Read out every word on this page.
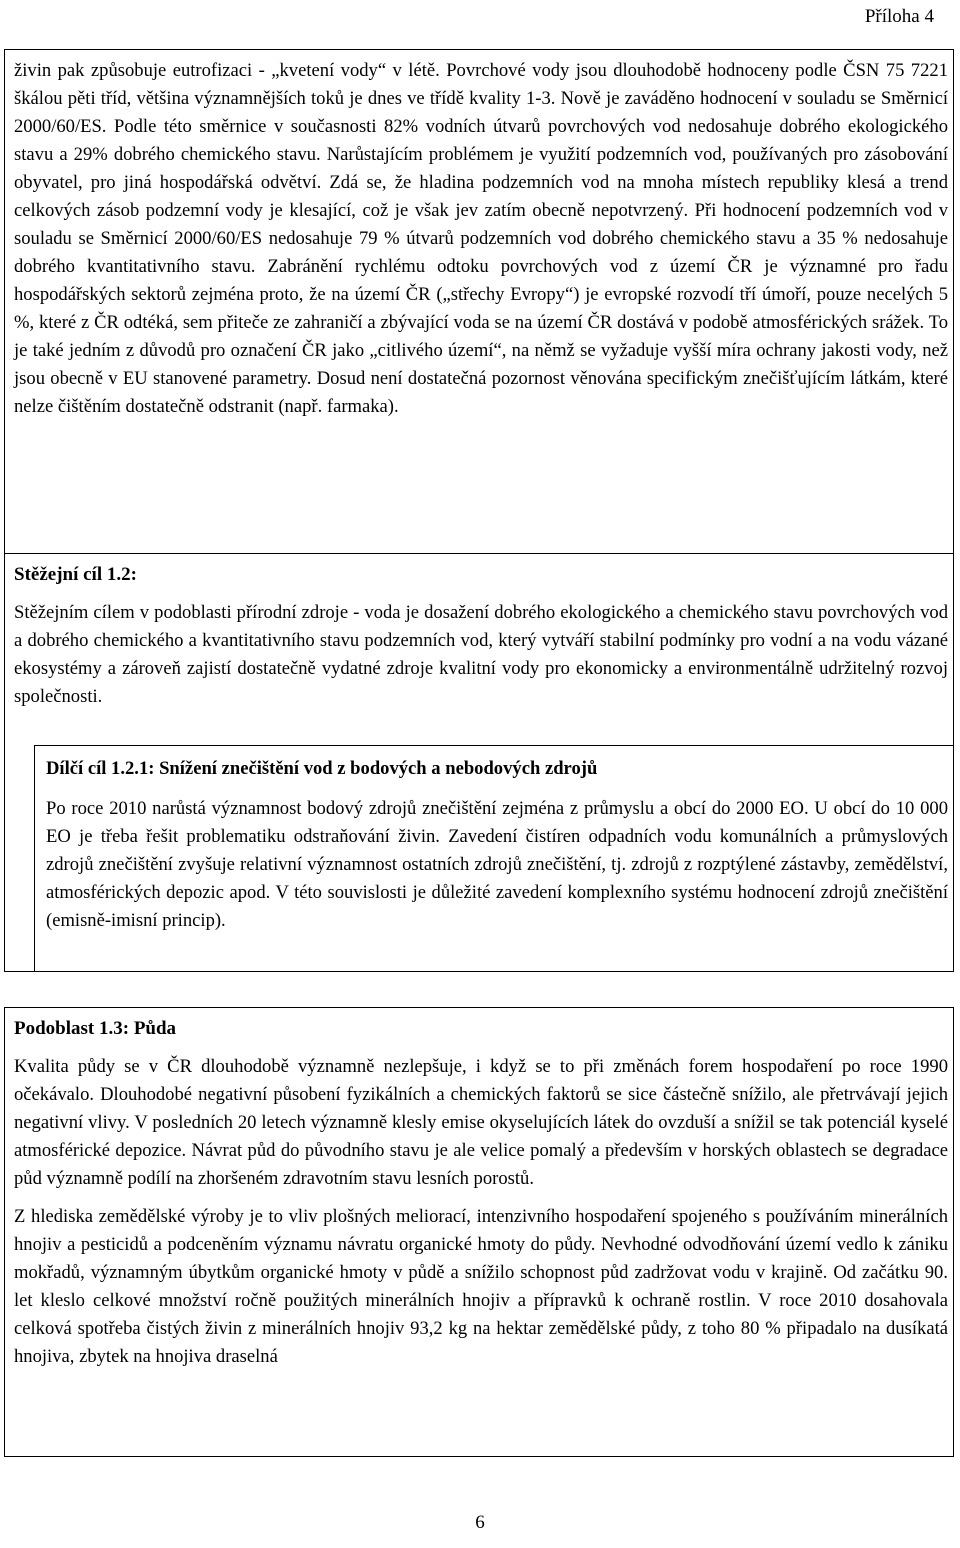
Příloha 4

živin pak způsobuje eutrofizaci - „kvetení vody“ v létě. Povrchové vody jsou dlouhodobě hodnoceny podle ČSN 75 7221 škálou pěti tříd, většina významnějších toků je dnes ve třídě kvality 1-3. Nově je zaváděno hodnocení v souladu se Směrnicí 2000/60/ES. Podle této směrnice v současnosti 82% vodních útvarů povrchových vod nedosahuje dobrého ekologického stavu a 29% dobrého chemického stavu. Narůstajícím problémem je využití podzemních vod, používaných pro zásobování obyvatel, pro jiná hospodářská odvětví. Zdá se, že hladina podzemních vod na mnoha místech republiky klesá a trend celkových zásob podzemní vody je klesající, což je však jev zatím obecně nepotvrzený. Při hodnocení podzemních vod v souladu se Směrnicí 2000/60/ES nedosahuje 79 % útvarů podzemních vod dobrého chemického stavu a 35 % nedosahuje dobrého kvantitativního stavu. Zabránění rychlému odtoku povrchových vod z území ČR je významné pro řadu hospodářských sektorů zejména proto, že na území ČR („střechy Evropy“) je evropské rozvodí tří úmoří, pouze necelých 5 %, které z ČR odtéká, sem přiteče ze zahraničí a zbývající voda se na území ČR dostává v podobě atmosférických srážek. To je také jedním z důvodů pro označení ČR jako „citlivého území“, na němž se vyžaduje vyšší míra ochrany jakosti vody, než jsou obecně v EU stanovené parametry. Dosud není dostatečná pozornost věnována specifickým znečišťujícím látkám, které nelze čištěním dostatečně odstranit (např. farmaka).

Stěžejní cíl 1.2:

Stěžejním cílem v podoblasti přírodní zdroje - voda je dosažení dobrého ekologického a chemického stavu povrchových vod a dobrého chemického a kvantitativního stavu podzemních vod, který vytváří stabilní podmínky pro vodní a na vodu vázané ekosystémy a zároveň zajistí dostatečně vydatné zdroje kvalitní vody pro ekonomicky a environmentálně udržitelný rozvoj společnosti.

Dílčí cíl 1.2.1: Snížení znečištění vod z bodových a nebodových zdrojů

Po roce 2010 narůstá významnost bodový zdrojů znečištění zejména z průmyslu a obcí do 2000 EO. U obcí do 10 000 EO je třeba řešit problematiku odstraňování živin. Zavedení čistíren odpadních vodu komunálních a průmyslových zdrojů znečištění zvyšuje relativní významnost ostatních zdrojů znečištění, tj. zdrojů z rozptýlené zástavby, zemědělství, atmosférických depozic apod. V této souvislosti je důležité zavedení komplexního systému hodnocení zdrojů znečištění (emisně-imisní princip).

Podoblast 1.3: Půda

Kvalita půdy se v ČR dlouhodobě významně nezlepšuje, i když se to při změnách forem hospodaření po roce 1990 očekávalo. Dlouhodobé negativní působení fyzikálních a chemických faktorů se sice částečně snížilo, ale přetrvávají jejich negativní vlivy. V posledních 20 letech významně klesly emise okyselujících látek do ovzduší a snížil se tak potenciál kyselé atmosférické depozice. Návrat půd do původního stavu je ale velice pomalý a především v horských oblastech se degradace půd významně podílí na zhoršeném zdravotním stavu lesních porostů.

Z hlediska zemědělské výroby je to vliv plošných meliorací, intenzivního hospodaření spojeného s používáním minerálních hnojiv a pesticidů a podceněním významu návratu organické hmoty do půdy. Nevhodné odvodňování území vedlo k zániku mokřadů, významným úbytkům organické hmoty v půdě a snížilo schopnost půd zadržovat vodu v krajině. Od začátku 90. let kleslo celkové množství ročně použitých minerálních hnojiv a přípravků k ochraně rostlin. V roce 2010 dosahovala celková spotřeba čistých živin z minerálních hnojiv 93,2 kg na hektar zemědělské půdy, z toho 80 % připadalo na dusíkatá hnojiva, zbytek na hnojiva draselná

6
